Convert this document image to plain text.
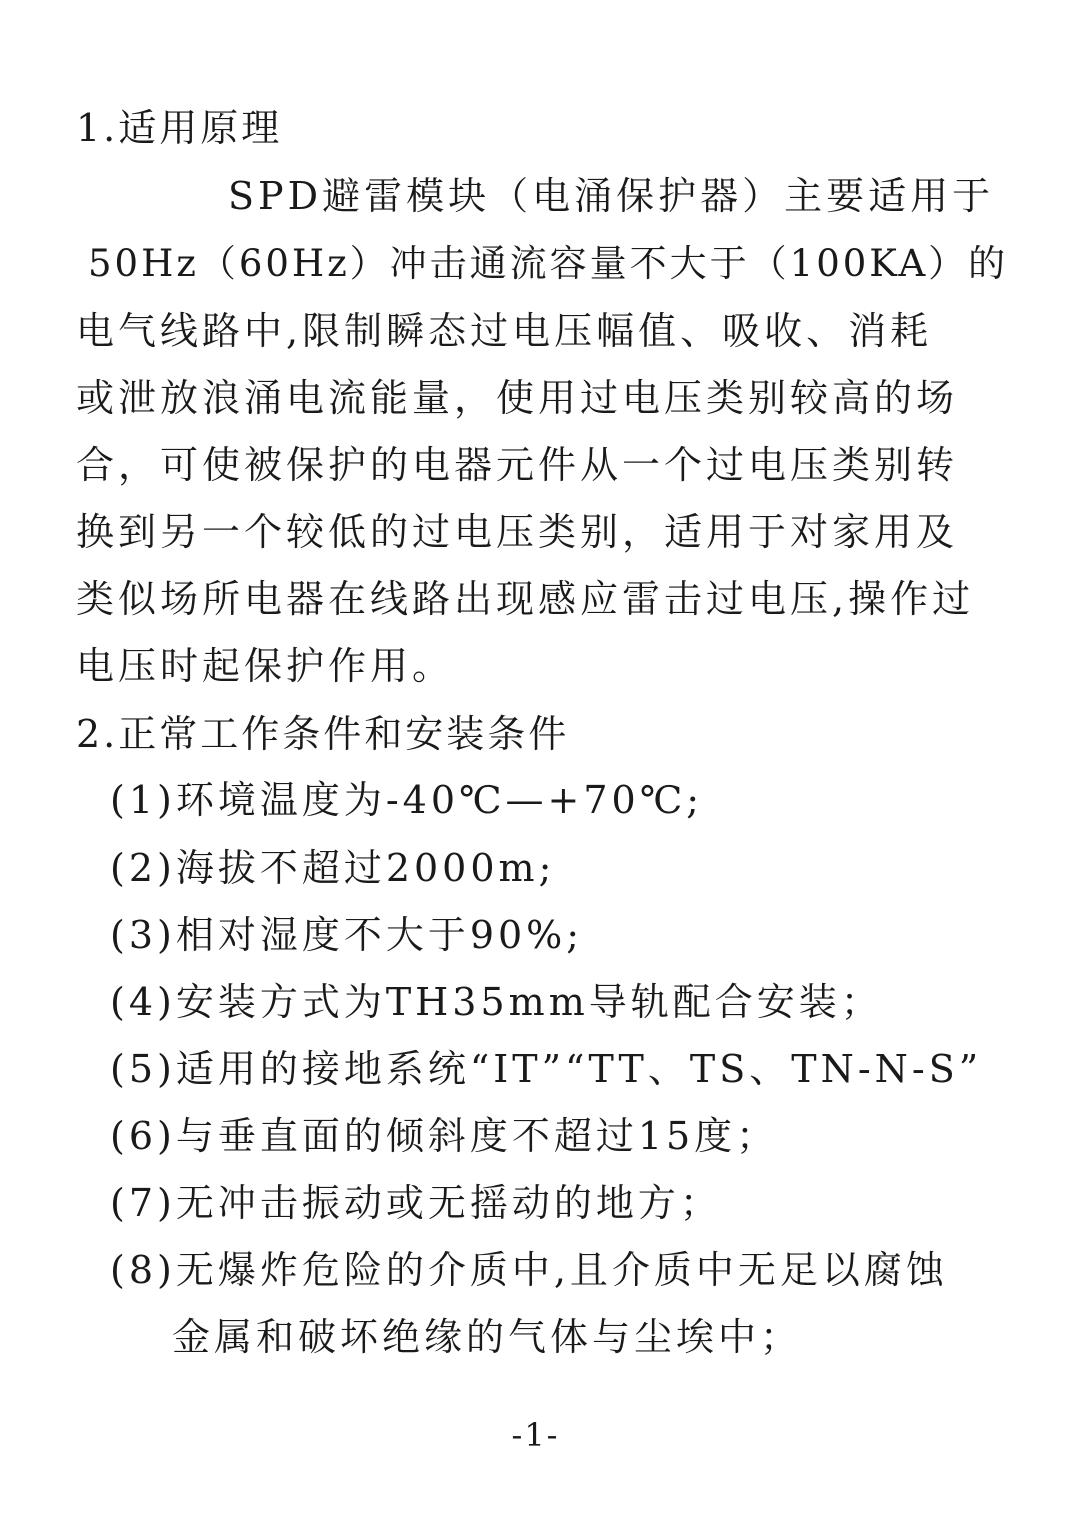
1.适用原理
SPD避雷模块（电涌保护器）主要适用于
50Hz（60Hz）冲击通流容量不大于（100KA）的
电气线路中,限制瞬态过电压幅值、吸收、消耗
或泄放浪涌电流能量，使用过电压类别较高的场
合，可使被保护的电器元件从一个过电压类别转
换到另一个较低的过电压类别，适用于对家用及
类似场所电器在线路出现感应雷击过电压,操作过
电压时起保护作用。
2.正常工作条件和安装条件
(1)环境温度为-40℃—+70℃;
(2)海拔不超过2000m;
(3)相对湿度不大于90%;
(4)安装方式为TH35mm导轨配合安装；
(5)适用的接地系统“IT”“TT、TS、TN-N-S”
(6)与垂直面的倾斜度不超过15度；
(7)无冲击振动或无摇动的地方；
(8)无爆炸危险的介质中,且介质中无足以腐蚀
金属和破坏绝缘的气体与尘埃中；
-1-
